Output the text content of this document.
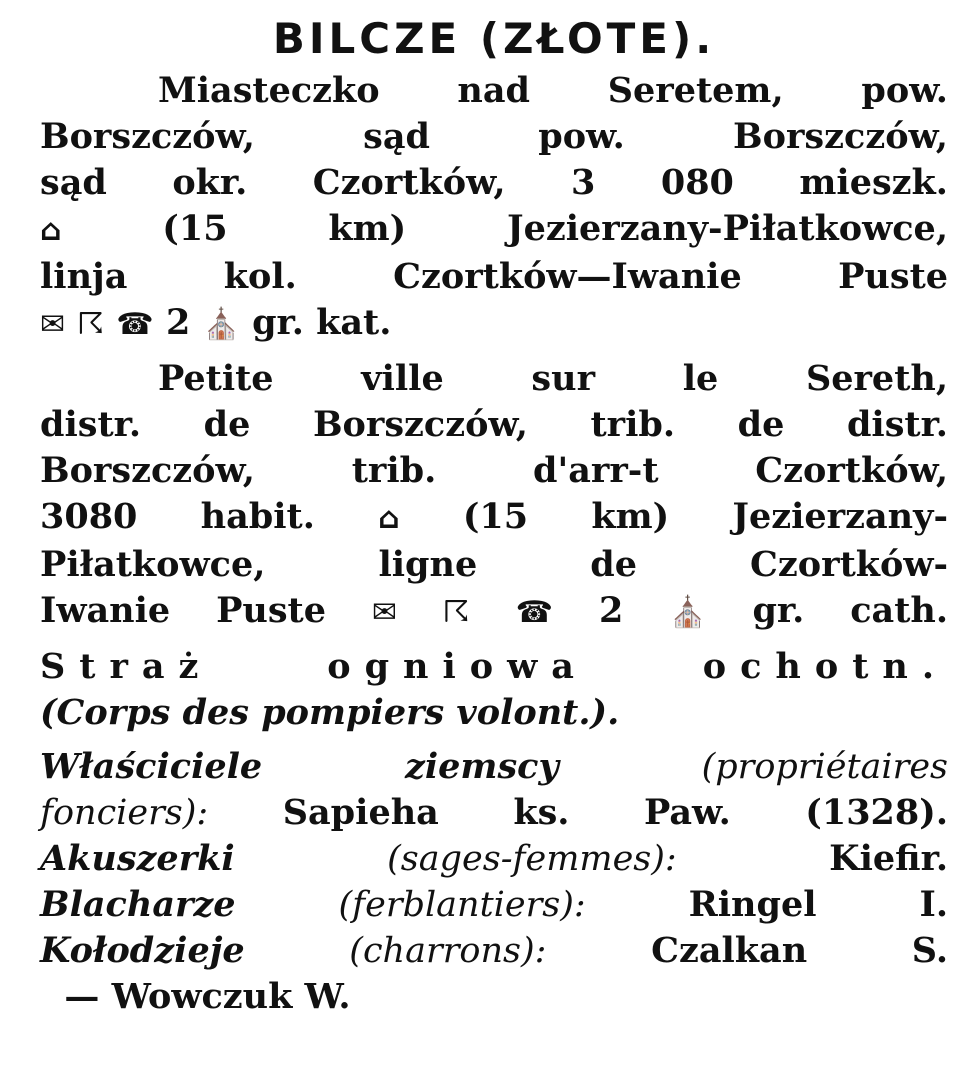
BILCZE (ZŁOTE).
Miasteczko nad Seretem, pow.
Borszczów, sąd pow. Borszczów,
sąd okr. Czortków, 3 080 mieszk.
⌂	(15 km) Jezierzany-Piłatkowce,
linja kol. Czortków—Iwanie Puste
✉ ☈ ☎ 2 ⛪ gr. kat.
Petite ville sur le Sereth,
distr. de Borszczów, trib. de distr.
Borszczów, trib. d'arr-t Czortków,
3080 habit. ⌂ (15 km) Jezierzany-
Piłatkowce, ligne de Czortków-
Iwanie Puste ✉ ☈ ☎ 2 ⛪ gr. cath.
Straż ogniowa ochotn.
(Corps des pompiers volont.).
Właściciele ziemscy	(propriétaires
fonciers): Sapieha ks. Paw. (1328).
Akuszerki	(sages-femmes):	Kiefir.
Blacharze	(ferblantiers):	Ringel I.
Kołodzieje	(charrons):	Czalkan S.
— Wowczuk W.
